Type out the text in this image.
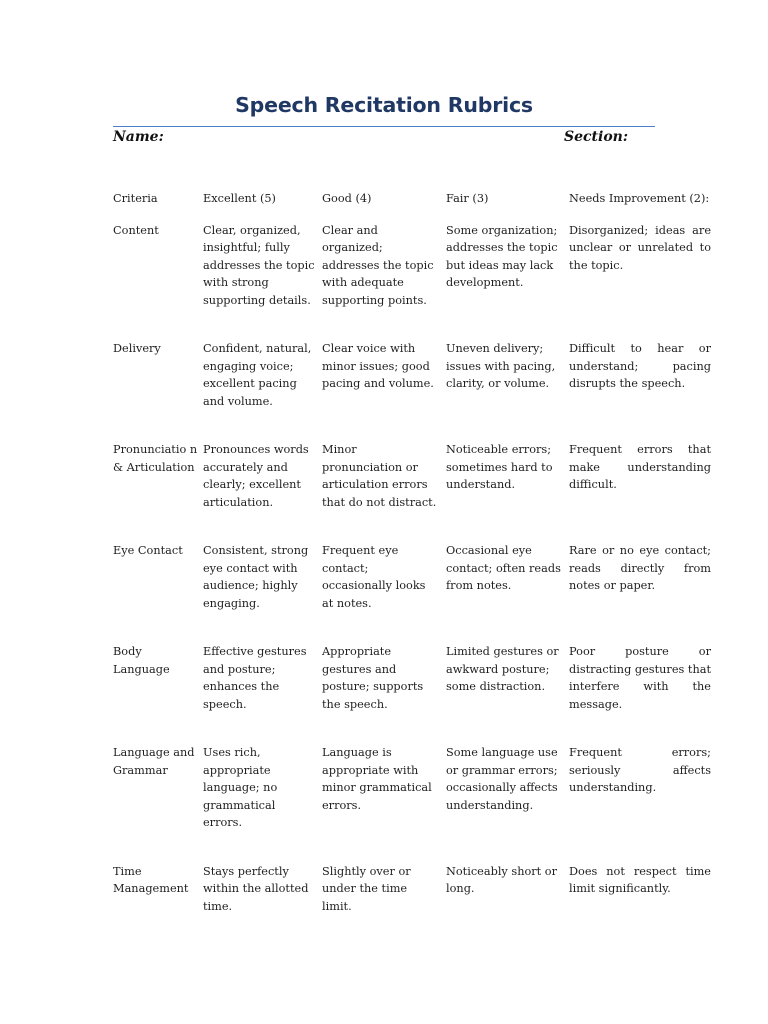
Speech Recitation Rubrics
Name:	Section:
Criteria	Excellent (5)	Good (4)	Fair (3)	Needs Improvement (2):
Content	Clear, organized, insightful; fully addresses the topic with strong supporting details.	Clear and organized; addresses the topic with adequate supporting points.	Some organization; addresses the topic but ideas may lack development.	Disorganized; ideas are unclear or unrelated to the topic.
Delivery	Confident, natural, engaging voice; excellent pacing and volume.	Clear voice with minor issues; good pacing and volume.	Uneven delivery; issues with pacing, clarity, or volume.	Difficult to hear or understand; pacing disrupts the speech.
Pronunciatio n & Articulation	Pronounces words accurately and clearly; excellent articulation.	Minor pronunciation or articulation errors that do not distract.	Noticeable errors; sometimes hard to understand.	Frequent errors that make understanding difficult.
Eye Contact	Consistent, strong eye contact with audience; highly engaging.	Frequent eye contact; occasionally looks at notes.	Occasional eye contact; often reads from notes.	Rare or no eye contact; reads directly from notes or paper.
Body Language	Effective gestures and posture; enhances the speech.	Appropriate gestures and posture; supports the speech.	Limited gestures or awkward posture; some distraction.	Poor posture or distracting gestures that interfere with the message.
Language and Grammar	Uses rich, appropriate language; no grammatical errors.	Language is appropriate with minor grammatical errors.	Some language use or grammar errors; occasionally affects understanding.	Frequent errors; seriously affects understanding.
Time Management	Stays perfectly within the allotted time.	Slightly over or under the time limit.	Noticeably short or long.	Does not respect time limit significantly.
